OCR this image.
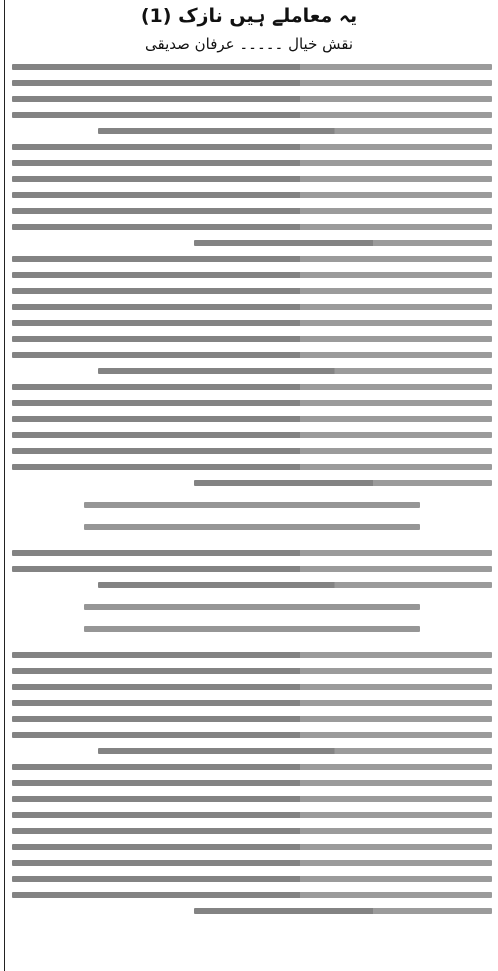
یہ معاملے ہیں نازک (1)
نقش خیال ۔۔۔۔۔ عرفان صدیقی
